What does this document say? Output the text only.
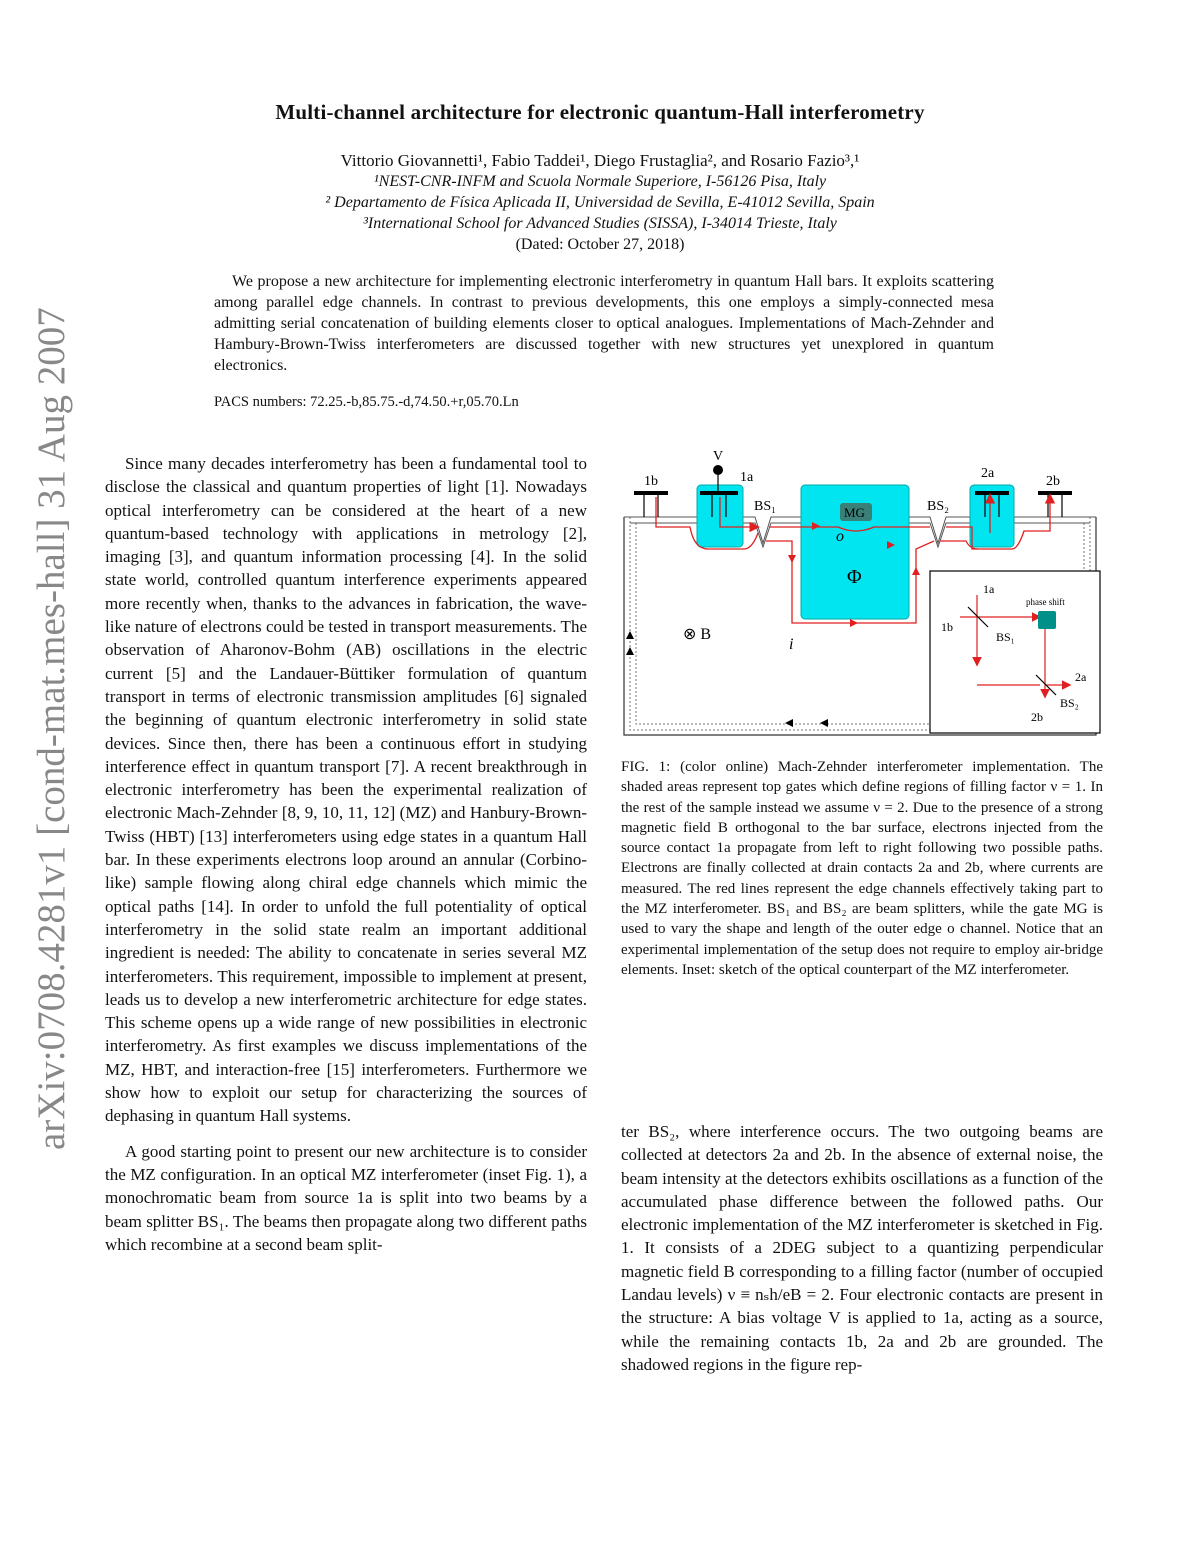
arXiv:0708.4281v1 [cond-mat.mes-hall] 31 Aug 2007
Multi-channel architecture for electronic quantum-Hall interferometry
Vittorio Giovannetti¹, Fabio Taddei¹, Diego Frustaglia², and Rosario Fazio³,¹
¹NEST-CNR-INFM and Scuola Normale Superiore, I-56126 Pisa, Italy
² Departamento de Física Aplicada II, Universidad de Sevilla, E-41012 Sevilla, Spain
³International School for Advanced Studies (SISSA), I-34014 Trieste, Italy
(Dated: October 27, 2018)
We propose a new architecture for implementing electronic interferometry in quantum Hall bars. It exploits scattering among parallel edge channels. In contrast to previous developments, this one employs a simply-connected mesa admitting serial concatenation of building elements closer to optical analogues. Implementations of Mach-Zehnder and Hambury-Brown-Twiss interferometers are discussed together with new structures yet unexplored in quantum electronics.
PACS numbers: 72.25.-b,85.75.-d,74.50.+r,05.70.Ln

Since many decades interferometry has been a fundamental tool to disclose the classical and quantum properties of light [1]. Nowadays optical interferometry can be considered at the heart of a new quantum-based technology with applications in metrology [2], imaging [3], and quantum information processing [4]. In the solid state world, controlled quantum interference experiments appeared more recently when, thanks to the advances in fabrication, the wave-like nature of electrons could be tested in transport measurements. The observation of Aharonov-Bohm (AB) oscillations in the electric current [5] and the Landauer-Büttiker formulation of quantum transport in terms of electronic transmission amplitudes [6] signaled the beginning of quantum electronic interferometry in solid state devices. Since then, there has been a continuous effort in studying interference effect in quantum transport [7]. A recent breakthrough in electronic interferometry has been the experimental realization of electronic Mach-Zehnder [8, 9, 10, 11, 12] (MZ) and Hanbury-Brown-Twiss (HBT) [13] interferometers using edge states in a quantum Hall bar. In these experiments electrons loop around an annular (Corbino-like) sample flowing along chiral edge channels which mimic the optical paths [14]. In order to unfold the full potentiality of optical interferometry in the solid state realm an important additional ingredient is needed: The ability to concatenate in series several MZ interferometers. This requirement, impossible to implement at present, leads us to develop a new interferometric architecture for edge states. This scheme opens up a wide range of new possibilities in electronic interferometry. As first examples we discuss implementations of the MZ, HBT, and interaction-free [15] interferometers. Furthermore we show how to exploit our setup for characterizing the sources of dephasing in quantum Hall systems.

A good starting point to present our new architecture is to consider the MZ configuration. In an optical MZ interferometer (inset Fig. 1), a monochromatic beam from source 1a is split into two beams by a beam splitter BS₁. The beams then propagate along two different paths which recombine at a second beam split-

V
1a
1b
2a
2b
BS₁	BS₂
MG
o
Φ
i
⊗ B
1a
1b
BS₁
phase shift
2a
BS₂
2b
FIG. 1: (color online) Mach-Zehnder interferometer implementation. The shaded areas represent top gates which define regions of filling factor ν = 1. In the rest of the sample instead we assume ν = 2. Due to the presence of a strong magnetic field B orthogonal to the bar surface, electrons injected from the source contact 1a propagate from left to right following two possible paths. Electrons are finally collected at drain contacts 2a and 2b, where currents are measured. The red lines represent the edge channels effectively taking part to the MZ interferometer. BS₁ and BS₂ are beam splitters, while the gate MG is used to vary the shape and length of the outer edge o channel. Notice that an experimental implementation of the setup does not require to employ air-bridge elements. Inset: sketch of the optical counterpart of the MZ interferometer.

ter BS₂, where interference occurs. The two outgoing beams are collected at detectors 2a and 2b. In the absence of external noise, the beam intensity at the detectors exhibits oscillations as a function of the accumulated phase difference between the followed paths. Our electronic implementation of the MZ interferometer is sketched in Fig. 1. It consists of a 2DEG subject to a quantizing perpendicular magnetic field B corresponding to a filling factor (number of occupied Landau levels) ν ≡ nₛh/eB = 2. Four electronic contacts are present in the structure: A bias voltage V is applied to 1a, acting as a source, while the remaining contacts 1b, 2a and 2b are grounded. The shadowed regions in the figure rep-
